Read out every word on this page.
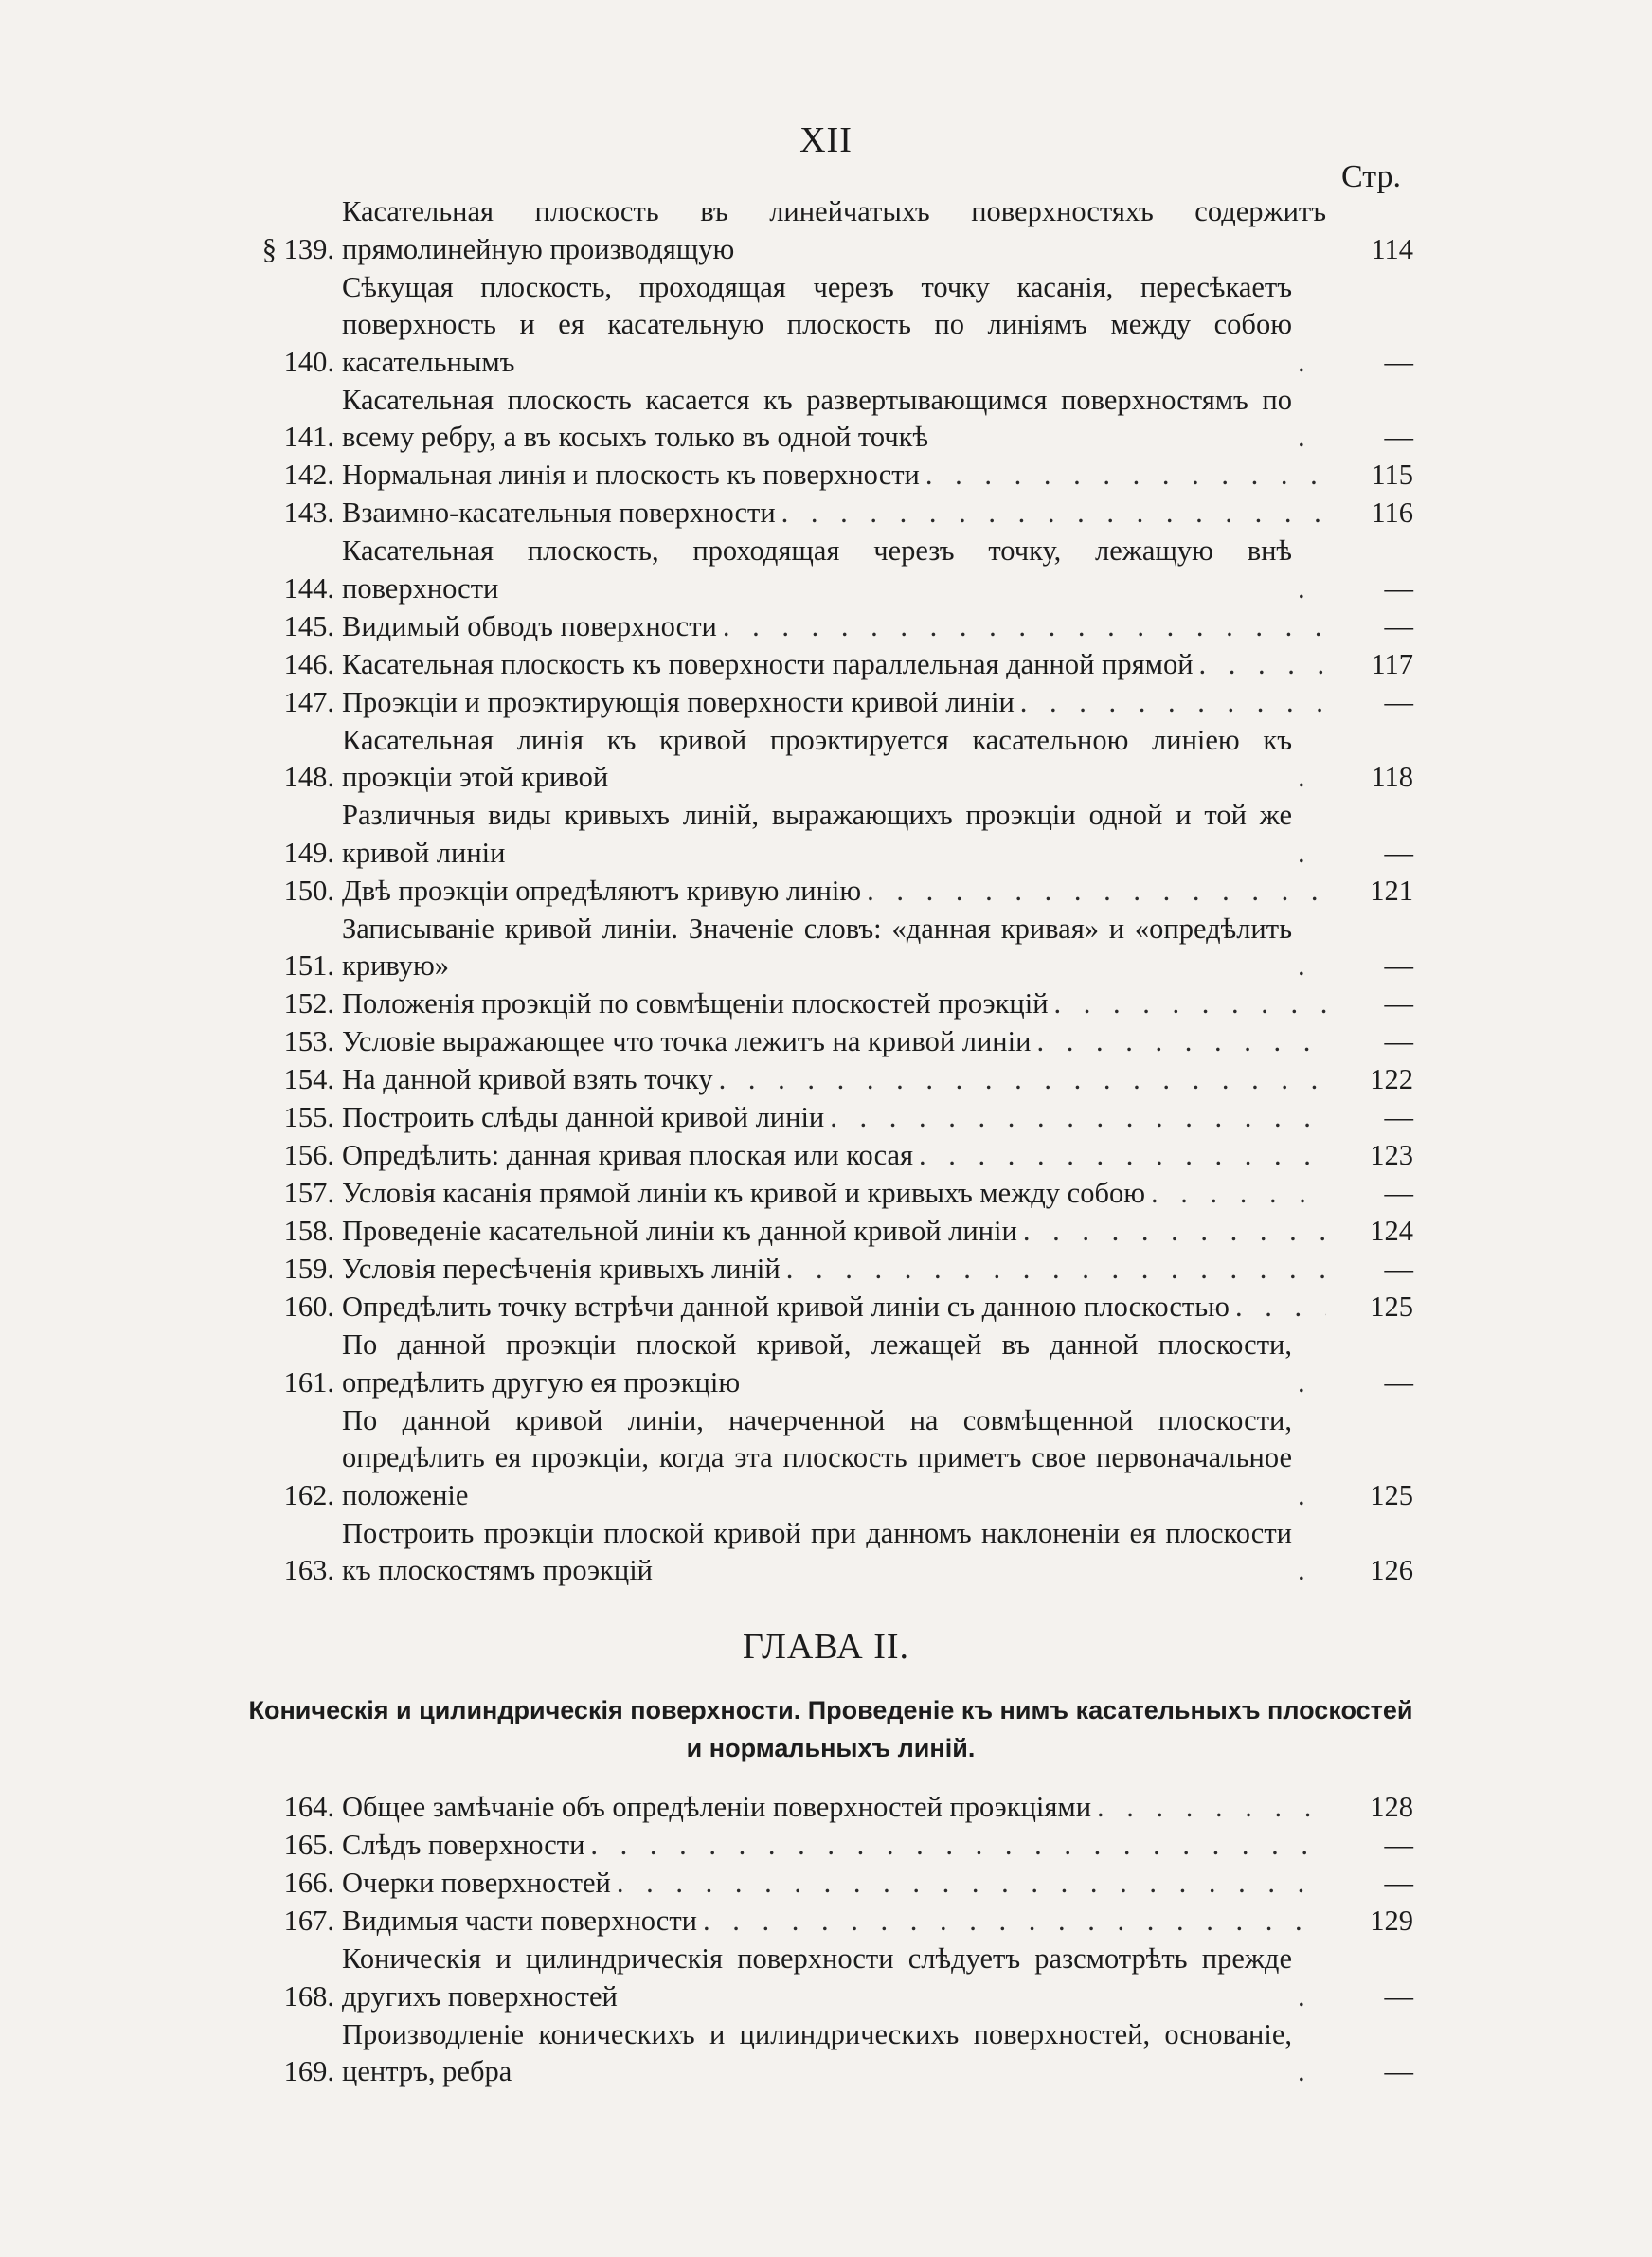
XII
Стр.
§ 139.
Касательная плоскость въ линейчатыхъ поверхностяхъ содержитъ прямолинейную производящую	114
140.
Сѣкущая плоскость, проходящая черезъ точку касанія, пересѣкаетъ поверхность и ея касательную плоскость по линіямъ между собою касательнымъ . . .	—
141.
Касательная плоскость касается къ развертывающимся поверхностямъ по всему ребру, а въ косыхъ только въ одной точкѣ . . .	—
142. Нормальная линія и плоскость къ поверхности . . .	115
143. Взаимно-касательныя поверхности . . .	116
144.
Касательная плоскость, проходящая черезъ точку, лежащую внѣ поверхности . . .	—
145. Видимый обводъ поверхности . . .	—
146. Касательная плоскость къ поверхности параллельная данной прямой . . .	117
147. Проэкціи и проэктирующія поверхности кривой линіи . . .	—
148.
Касательная линія къ кривой проэктируется касательною линіею къ проэкціи этой кривой . . .	118
149.
Различныя виды кривыхъ линій, выражающихъ проэкціи одной и той же кривой линіи . . .	—
150. Двѣ проэкціи опредѣляютъ кривую линію . . .	121
151.
Записываніе кривой линіи. Значеніе словъ: «данная кривая» и «опредѣлить кривую» . . .	—
152. Положенія проэкцій по совмѣщеніи плоскостей проэкцій . . .	—
153. Условіе выражающее что точка лежитъ на кривой линіи . . .	—
154. На данной кривой взять точку . . .	122
155. Построить слѣды данной кривой линіи . . .	—
156. Опредѣлить: данная кривая плоская или косая . . .	123
157. Условія касанія прямой линіи къ кривой и кривыхъ между собою . . .	—
158. Проведеніе касательной линіи къ данной кривой линіи . . .	124
159. Условія пересѣченія кривыхъ линій . . .	—
160. Опредѣлить точку встрѣчи данной кривой линіи съ данною плоскостью . . .	125
161.
По данной проэкціи плоской кривой, лежащей въ данной плоскости, опредѣлить другую ея проэкцію . . .	—
162.
По данной кривой линіи, начерченной на совмѣщенной плоскости, опредѣлить ея проэкціи, когда эта плоскость приметъ свое первоначальное положеніе . . .	125
163.
Построить проэкціи плоской кривой при данномъ наклоненіи ея плоскости къ плоскостямъ проэкцій . . .	126
ГЛАВА II.
Коническія и цилиндрическія поверхности. Проведеніе къ нимъ касательныхъ плоскостей
и нормальныхъ линій.
164. Общее замѣчаніе объ опредѣленіи поверхностей проэкціями . . .	128
165. Слѣдъ поверхности . . .	—
166. Очерки поверхностей . . .	—
167. Видимыя части поверхности . . .	129
168.
Коническія и цилиндрическія поверхности слѣдуетъ разсмотрѣть прежде другихъ поверхностей . . .	—
169.
Производленіе коническихъ и цилиндрическихъ поверхностей, основаніе, центръ, ребра . . .	—
